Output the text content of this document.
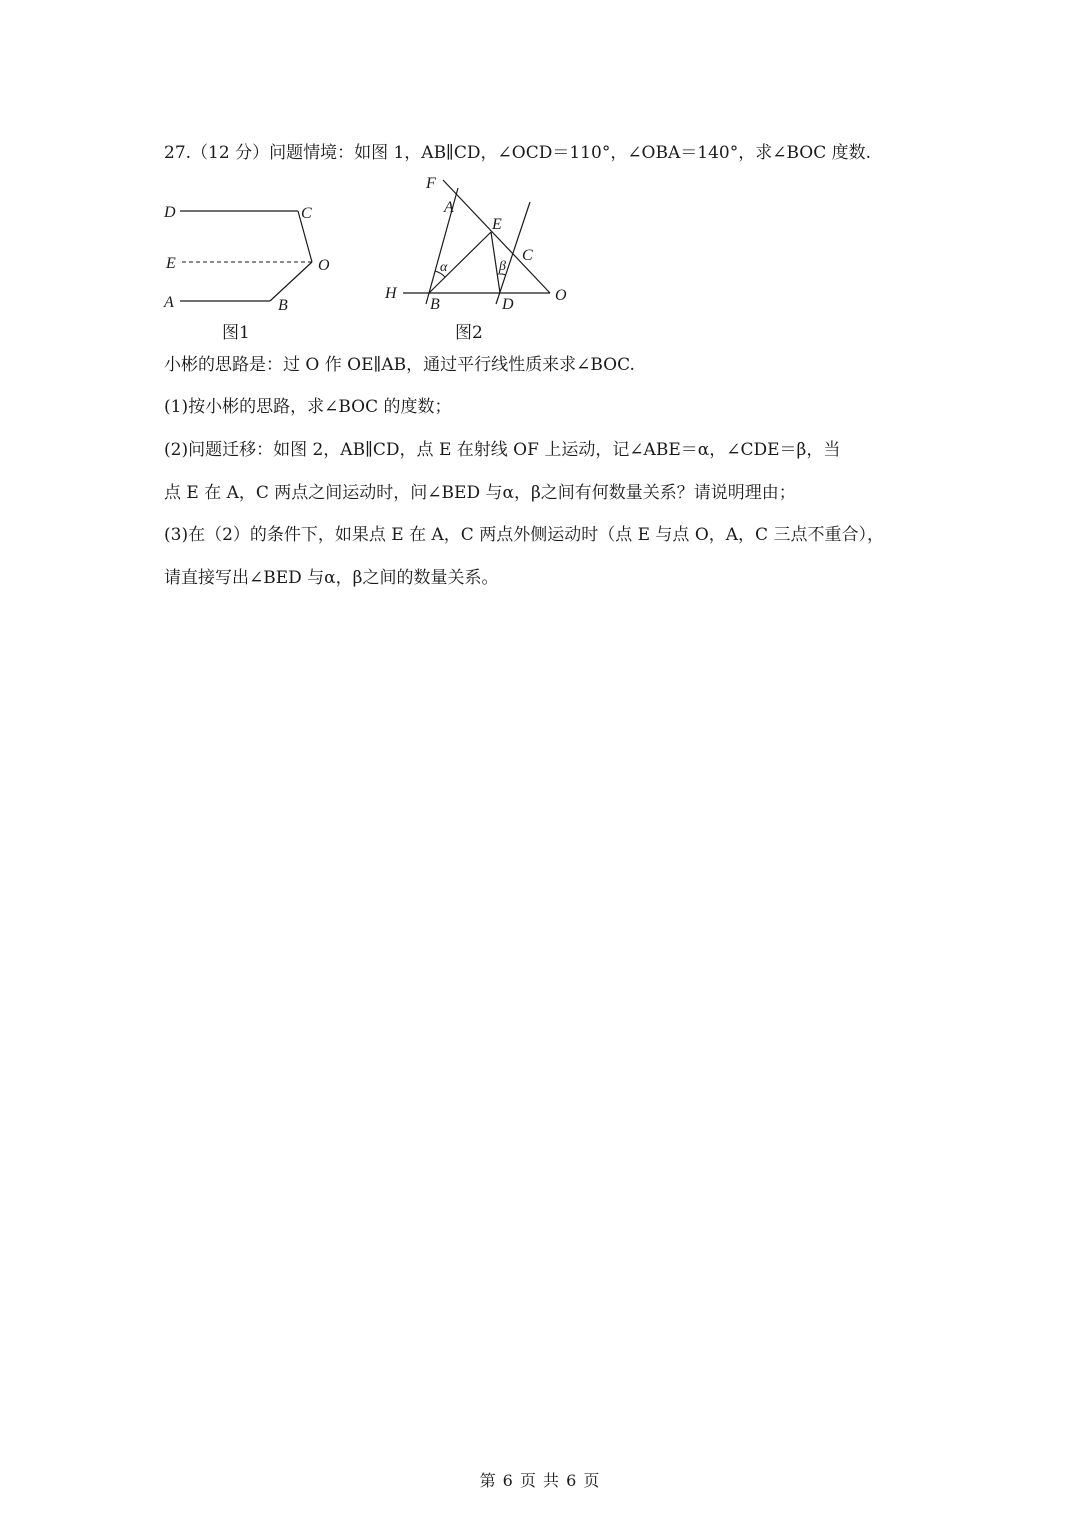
27.（12 分）问题情境：如图 1，AB∥CD，∠OCD＝110°，∠OBA＝140°，求∠BOC 度数.
D	C
E	O
A	B
图1
F
A
E
C
H
B	D
O
α	β
图2
小彬的思路是：过 O 作 OE∥AB，通过平行线性质来求∠BOC.
(1)按小彬的思路，求∠BOC 的度数；
(2)问题迁移：如图 2，AB∥CD，点 E 在射线 OF 上运动，记∠ABE＝α，∠CDE＝β，当
点 E 在 A，C 两点之间运动时，问∠BED 与α，β之间有何数量关系？请说明理由；
(3)在（2）的条件下，如果点 E 在 A，C 两点外侧运动时（点 E 与点 O，A，C 三点不重合），
请直接写出∠BED 与α，β之间的数量关系。
第 6 页 共 6 页
